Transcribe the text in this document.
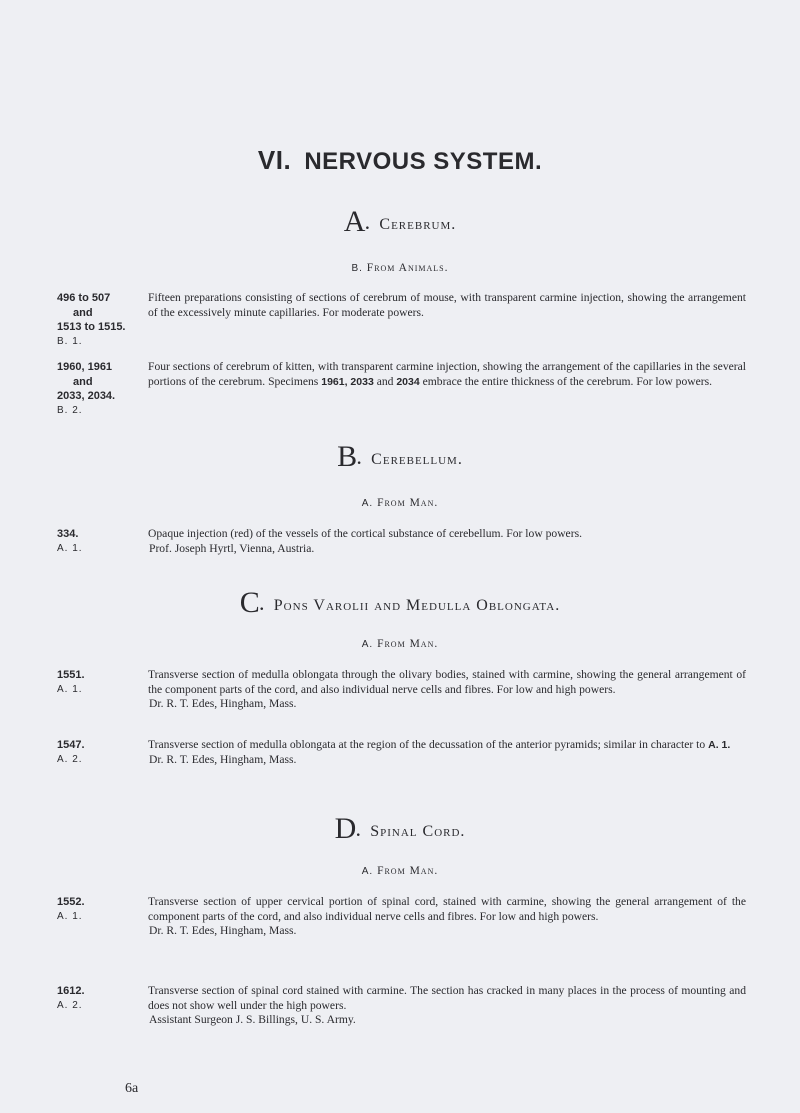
VI. NERVOUS SYSTEM.
A. Cerebrum.
B. From Animals.
496 to 507
and
1513 to 1515.
B. 1.
Fifteen preparations consisting of sections of cerebrum of mouse, with transparent carmine injection, showing the arrangement of the excessively minute capillaries. For moderate powers.
1960, 1961
and
2033, 2034.
B. 2.
Four sections of cerebrum of kitten, with transparent carmine injection, showing the arrangement of the capillaries in the several portions of the cerebrum. Specimens 1961, 2033 and 2034 embrace the entire thickness of the cerebrum. For low powers.
B. Cerebellum.
A. From Man.
334.
A. 1.
Opaque injection (red) of the vessels of the cortical substance of cerebellum. For low powers.
Prof. Joseph Hyrtl, Vienna, Austria.
C. Pons Varolii and Medulla Oblongata.
A. From Man.
1551.
A. 1.
Transverse section of medulla oblongata through the olivary bodies, stained with carmine, showing the general arrangement of the component parts of the cord, and also individual nerve cells and fibres. For low and high powers.
Dr. R. T. Edes, Hingham, Mass.
1547.
A. 2.
Transverse section of medulla oblongata at the region of the decussation of the anterior pyramids; similar in character to A. 1.
Dr. R. T. Edes, Hingham, Mass.
D. Spinal Cord.
A. From Man.
1552.
A. 1.
Transverse section of upper cervical portion of spinal cord, stained with carmine, showing the general arrangement of the component parts of the cord, and also individual nerve cells and fibres. For low and high powers.
Dr. R. T. Edes, Hingham, Mass.
1612.
A. 2.
Transverse section of spinal cord stained with carmine. The section has cracked in many places in the process of mounting and does not show well under the high powers.
Assistant Surgeon J. S. Billings, U. S. Army.
6a
